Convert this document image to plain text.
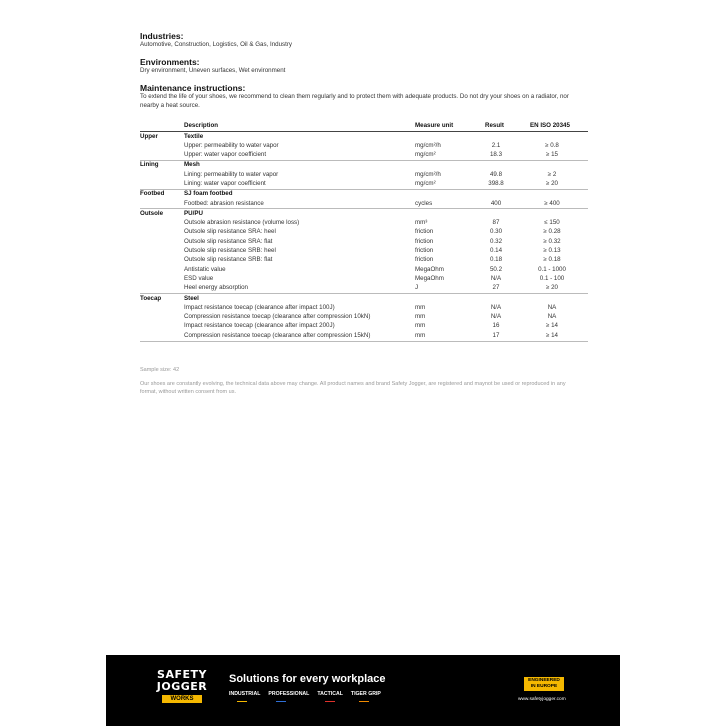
Industries:
Automotive, Construction, Logistics, Oil & Gas, Industry
Environments:
Dry environment, Uneven surfaces, Wet environment
Maintenance instructions:
To extend the life of your shoes, we recommend to clean them regularly and to protect them with adequate products. Do not dry your shoes on a radiator, nor nearby a heat source.
Description	Measure unit	Result	EN ISO 20345
Upper	Textile
Upper: permeability to water vapor	mg/cm²/h	2.1	≥ 0.8
Upper: water vapor coefficient	mg/cm²	18.3	≥ 15
Lining	Mesh
Lining: permeability to water vapor	mg/cm²/h	49.8	≥ 2
Lining: water vapor coefficient	mg/cm²	398.8	≥ 20
Footbed	SJ foam footbed
Footbed: abrasion resistance	cycles	400	≥ 400
Outsole	PU/PU
Outsole abrasion resistance (volume loss)	mm³	87	≤ 150
Outsole slip resistance SRA: heel	friction	0.30	≥ 0.28
Outsole slip resistance SRA: flat	friction	0.32	≥ 0.32
Outsole slip resistance SRB: heel	friction	0.14	≥ 0.13
Outsole slip resistance SRB: flat	friction	0.18	≥ 0.18
Antistatic value	MegaOhm	50.2	0.1 - 1000
ESD value	MegaOhm	N/A	0.1 - 100
Heel energy absorption	J	27	≥ 20
Toecap	Steel
Impact resistance toecap (clearance after impact 100J)	mm	N/A	NA
Compression resistance toecap (clearance after compression 10kN)	mm	N/A	NA
Impact resistance toecap (clearance after impact 200J)	mm	16	≥ 14
Compression resistance toecap (clearance after compression 15kN)	mm	17	≥ 14
Sample size: 42
Our shoes are constantly evolving, the technical data above may change. All product names and brand Safety Jogger, are registered and maynot be used or reproduced in any format, without written consent from us.
SAFETY
JOGGER
WORKS
Solutions for every workplace
INDUSTRIAL PROFESSIONAL TACTICAL TIGER GRIP
ENGINEERED
IN EUROPE
www.safetyjogger.com
